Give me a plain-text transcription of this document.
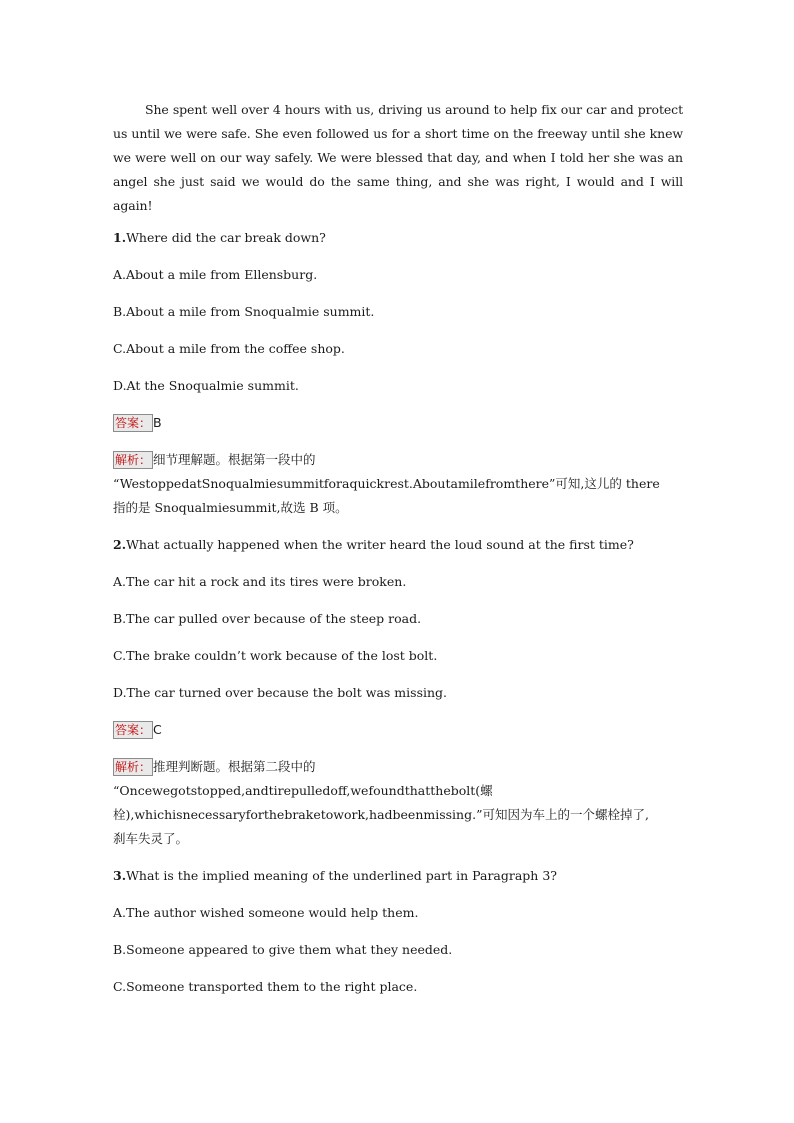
She spent well over 4 hours with us, driving us around to help fix our car and protect us until we were safe. She even followed us for a short time on the freeway until she knew we were well on our way safely. We were blessed that day, and when I told her she was an angel she just said we would do the same thing, and she was right, I would and I will again!

1.Where did the car break down?

A.About a mile from Ellensburg.

B.About a mile from Snoqualmie summit.

C.About a mile from the coffee shop.

D.At the Snoqualmie summit.

答案： B

解析： 细节理解题。根据第一段中的
“WestoppedatSnoqualmiesummitforaquickrest.Aboutamilefromthere”可知,这儿的 there
指的是 Snoqualmiesummit,故选 B 项。

2.What actually happened when the writer heard the loud sound at the first time?

A.The car hit a rock and its tires were broken.

B.The car pulled over because of the steep road.

C.The brake couldn’t work because of the lost bolt.

D.The car turned over because the bolt was missing.

答案： C

解析： 推理判断题。根据第二段中的
“Oncewegotstopped,andtirepulledoff,wefoundthatthebolt(螺
栓),whichisnecessaryforthebraketowork,hadbeenmissing.”可知因为车上的一个螺栓掉了,
刹车失灵了。

3.What is the implied meaning of the underlined part in Paragraph 3?

A.The author wished someone would help them.

B.Someone appeared to give them what they needed.

C.Someone transported them to the right place.
